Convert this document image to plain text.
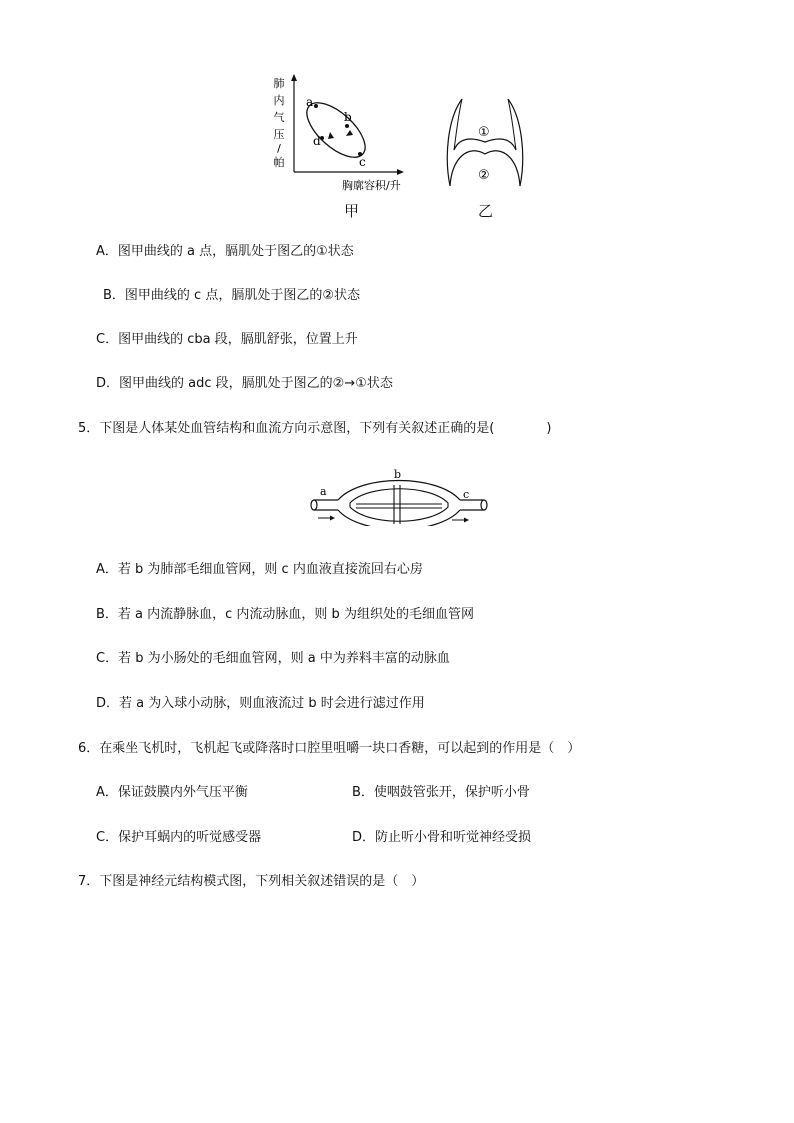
肺
内
气
压
/
帕
a
b
c
d
胸廓容积/升
甲
①
②
乙
A．图甲曲线的 a 点，膈肌处于图乙的①状态
B．图甲曲线的 c 点，膈肌处于图乙的②状态
C．图甲曲线的 cba 段，膈肌舒张，位置上升
D．图甲曲线的 adc 段，膈肌处于图乙的②→①状态
5．下图是人体某处血管结构和血流方向示意图，下列有关叙述正确的是(　　　　)
a
b
c
A．若 b 为肺部毛细血管网，则 c 内血液直接流回右心房
B．若 a 内流静脉血，c 内流动脉血，则 b 为组织处的毛细血管网
C．若 b 为小肠处的毛细血管网，则 a 中为养料丰富的动脉血
D．若 a 为入球小动脉，则血液流过 b 时会进行滤过作用
6．在乘坐飞机时，飞机起飞或降落时口腔里咀嚼一块口香糖，可以起到的作用是（　）
A．保证鼓膜内外气压平衡	B．使咽鼓管张开，保护听小骨
C．保护耳蜗内的听觉感受器	D．防止听小骨和听觉神经受损
7．下图是神经元结构模式图，下列相关叙述错误的是（　）
